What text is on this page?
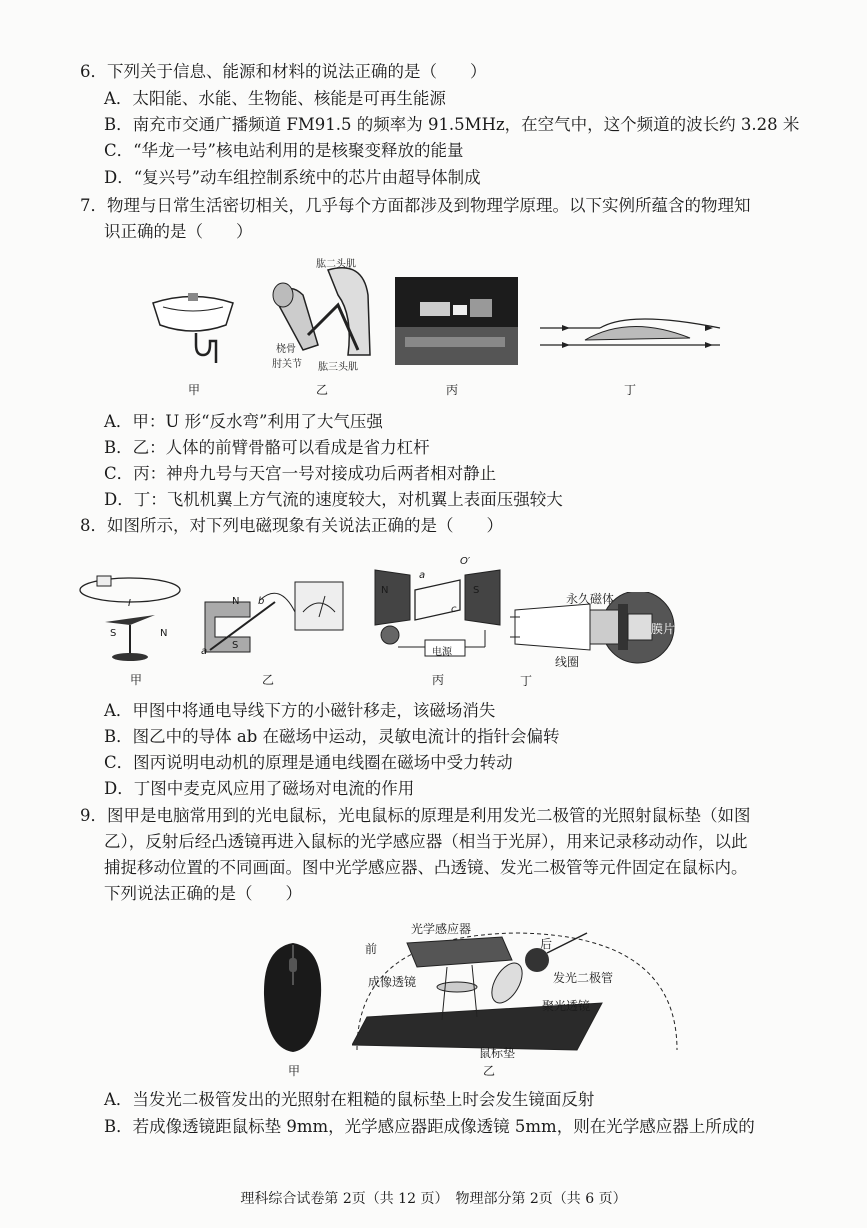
6．下列关于信息、能源和材料的说法正确的是（　　）
A．太阳能、水能、生物能、核能是可再生能源
B．南充市交通广播频道 FM91.5 的频率为 91.5MHz，在空气中，这个频道的波长约 3.28 米
C．“华龙一号”核电站利用的是核聚变释放的能量
D．“复兴号”动车组控制系统中的芯片由超导体制成
7．物理与日常生活密切相关，几乎每个方面都涉及到物理学原理。以下实例所蕴含的物理知
识正确的是（　　）
肱二头肌
桡骨
肘关节 肱三头肌
甲	乙	丙	丁
A．甲：U 形“反水弯”利用了大气压强
B．乙：人体的前臂骨骼可以看成是省力杠杆
C．丙：神舟九号与天宫一号对接成功后两者相对静止
D．丁：飞机机翼上方气流的速度较大，对机翼上表面压强较大
8．如图所示，对下列电磁现象有关说法正确的是（　　）
I
S	N
N
S
a
b
N	S
a
c
O′
电源
永久磁体
膜片
线圈
甲	乙	丙	丁
A．甲图中将通电导线下方的小磁针移走，该磁场消失
B．图乙中的导体 ab 在磁场中运动，灵敏电流计的指针会偏转
C．图丙说明电动机的原理是通电线圈在磁场中受力转动
D．丁图中麦克风应用了磁场对电流的作用
9．图甲是电脑常用到的光电鼠标，光电鼠标的原理是利用发光二极管的光照射鼠标垫（如图
乙），反射后经凸透镜再进入鼠标的光学感应器（相当于光屏），用来记录移动动作，以此
捕捉移动位置的不同画面。图中光学感应器、凸透镜、发光二极管等元件固定在鼠标内。
下列说法正确的是（　　）
光学感应器
前	后
成像透镜	发光二极管
聚光透镜
鼠标垫
甲	乙
A．当发光二极管发出的光照射在粗糙的鼠标垫上时会发生镜面反射
B．若成像透镜距鼠标垫 9mm，光学感应器距成像透镜 5mm，则在光学感应器上所成的
理科综合试卷第 2页（共 12 页）　物理部分第 2页（共 6 页）
